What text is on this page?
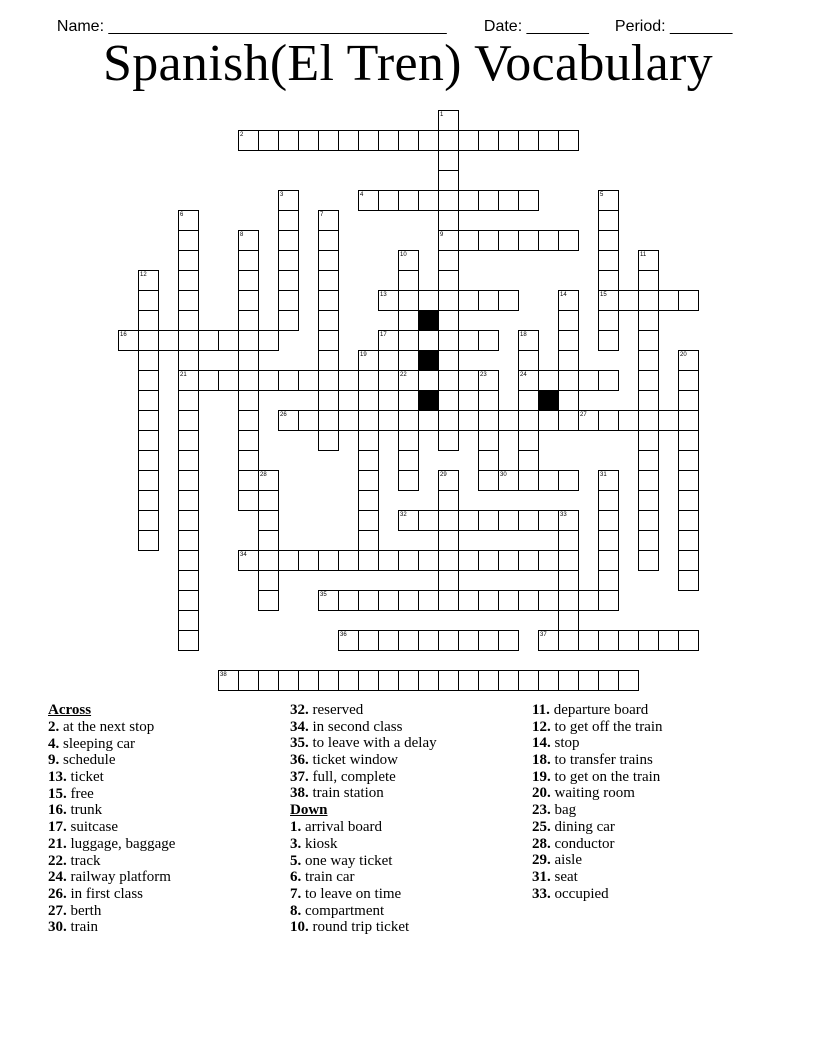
Name: ______________________________________	Date: _______	Period: _______

Spanish(El Tren) Vocabulary
2
4
9
13	15
16	17
21	22	24
26	27
30
32
34
35
36	37
38
1
3	5
6	7
8
10	11
12
14
18
19	20
23
28	29	31
33
Across
2. at the next stop
4. sleeping car
9. schedule
13. ticket
15. free
16. trunk
17. suitcase
21. luggage, baggage
22. track
24. railway platform
26. in first class
27. berth
30. train
32. reserved
34. in second class
35. to leave with a delay
36. ticket window
37. full, complete
38. train station
Down
1. arrival board
3. kiosk
5. one way ticket
6. train car
7. to leave on time
8. compartment
10. round trip ticket
11. departure board
12. to get off the train
14. stop
18. to transfer trains
19. to get on the train
20. waiting room
23. bag
25. dining car
28. conductor
29. aisle
31. seat
33. occupied
